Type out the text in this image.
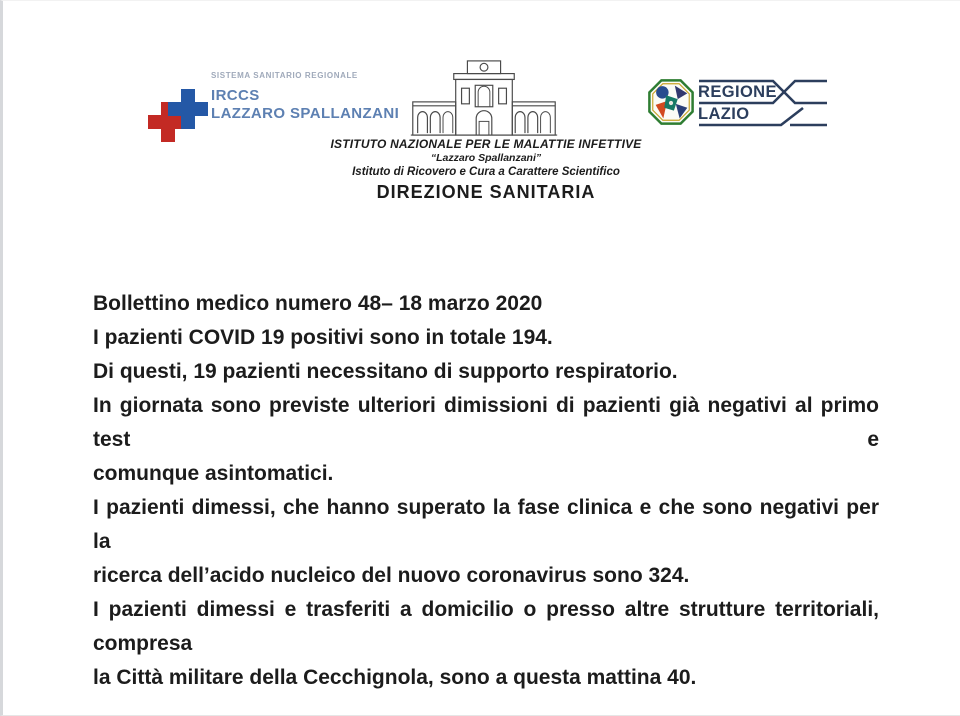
SISTEMA SANITARIO REGIONALE
IRCCS
LAZZARO SPALLANZANI
ISTITUTO NAZIONALE PER LE MALATTIE INFETTIVE
“Lazzaro Spallanzani”
Istituto di Ricovero e Cura a Carattere Scientifico
DIREZIONE SANITARIA
REGIONE
LAZIO
Bollettino medico numero 48– 18 marzo 2020
I pazienti COVID 19 positivi sono in totale 194.
Di questi, 19 pazienti necessitano di supporto respiratorio.
In giornata sono previste ulteriori dimissioni di pazienti già negativi al primo test e
comunque asintomatici.
I pazienti dimessi, che hanno superato la fase clinica e che sono negativi per la
ricerca dell’acido nucleico del nuovo coronavirus sono 324.
I pazienti dimessi e trasferiti a domicilio o presso altre strutture territoriali, compresa
la Città militare della Cecchignola, sono a questa mattina 40.
